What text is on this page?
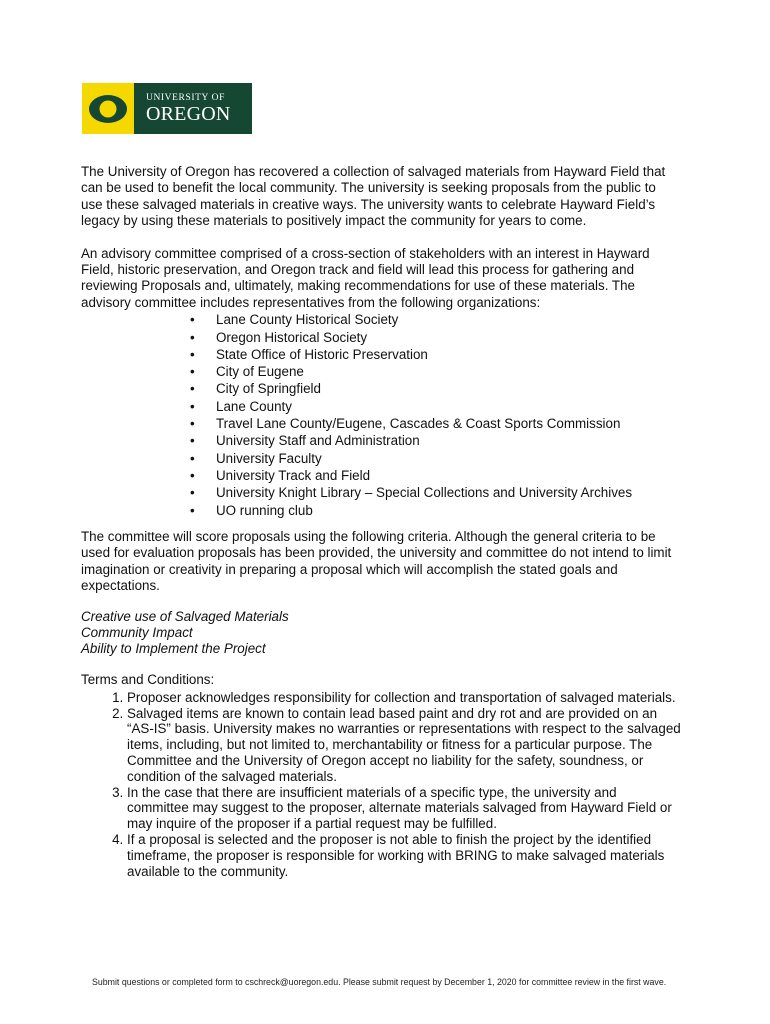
UNIVERSITY OF
OREGON

The University of Oregon has recovered a collection of salvaged materials from Hayward Field that can be used to benefit the local community. The university is seeking proposals from the public to use these salvaged materials in creative ways. The university wants to celebrate Hayward Field’s legacy by using these materials to positively impact the community for years to come.

An advisory committee comprised of a cross-section of stakeholders with an interest in Hayward Field, historic preservation, and Oregon track and field will lead this process for gathering and reviewing Proposals and, ultimately, making recommendations for use of these materials. The advisory committee includes representatives from the following organizations:

• Lane County Historical Society
• Oregon Historical Society
• State Office of Historic Preservation
• City of Eugene
• City of Springfield
• Lane County
• Travel Lane County/Eugene, Cascades & Coast Sports Commission
• University Staff and Administration
• University Faculty
• University Track and Field
• University Knight Library – Special Collections and University Archives
• UO running club

The committee will score proposals using the following criteria. Although the general criteria to be used for evaluation proposals has been provided, the university and committee do not intend to limit imagination or creativity in preparing a proposal which will accomplish the stated goals and expectations.

Creative use of Salvaged Materials

Community Impact

Ability to Implement the Project

Terms and Conditions:

1. Proposer acknowledges responsibility for collection and transportation of salvaged materials.
2. Salvaged items are known to contain lead based paint and dry rot and are provided on an “AS-IS” basis. University makes no warranties or representations with respect to the salvaged items, including, but not limited to, merchantability or fitness for a particular purpose. The Committee and the University of Oregon accept no liability for the safety, soundness, or condition of the salvaged materials.
3. In the case that there are insufficient materials of a specific type, the university and committee may suggest to the proposer, alternate materials salvaged from Hayward Field or may inquire of the proposer if a partial request may be fulfilled.
4. If a proposal is selected and the proposer is not able to finish the project by the identified timeframe, the proposer is responsible for working with BRING to make salvaged materials available to the community.
Submit questions or completed form to cschreck@uoregon.edu. Please submit request by December 1, 2020 for committee review in the first wave.
